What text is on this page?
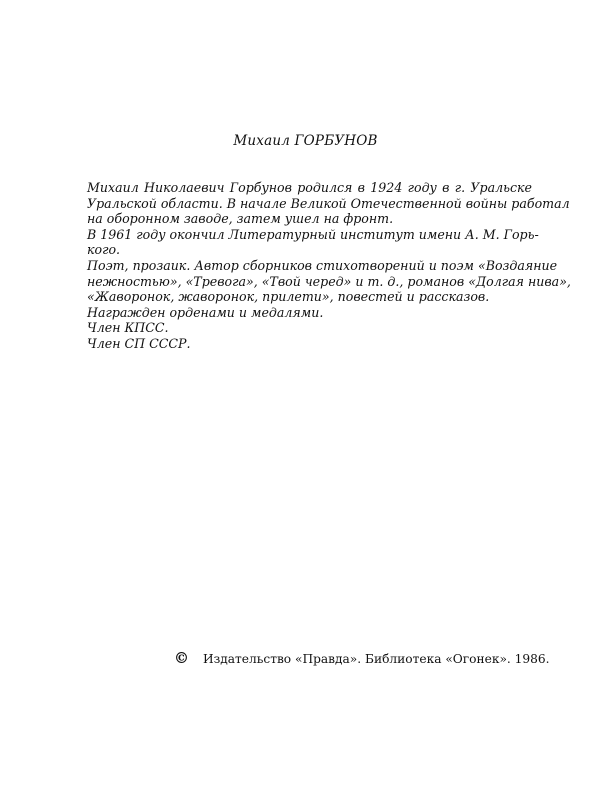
Михаил ГОРБУНОВ
Михаил Николаевич Горбунов родился в 1924 году в г. Уральске
Уральской области. В начале Великой Отечественной войны работал
на оборонном заводе, затем ушел на фронт.
В 1961 году окончил Литературный институт имени А. М. Горь-
кого.
Поэт, прозаик. Автор сборников стихотворений и поэм «Воздаяние
нежностью», «Тревога», «Твой черед» и т. д., романов «Долгая нива»,
«Жаворонок, жаворонок, прилети», повестей и рассказов.
Награжден орденами и медалями.
Член КПСС.
Член СП СССР.
© Издательство «Правда». Библиотека «Огонек». 1986.
